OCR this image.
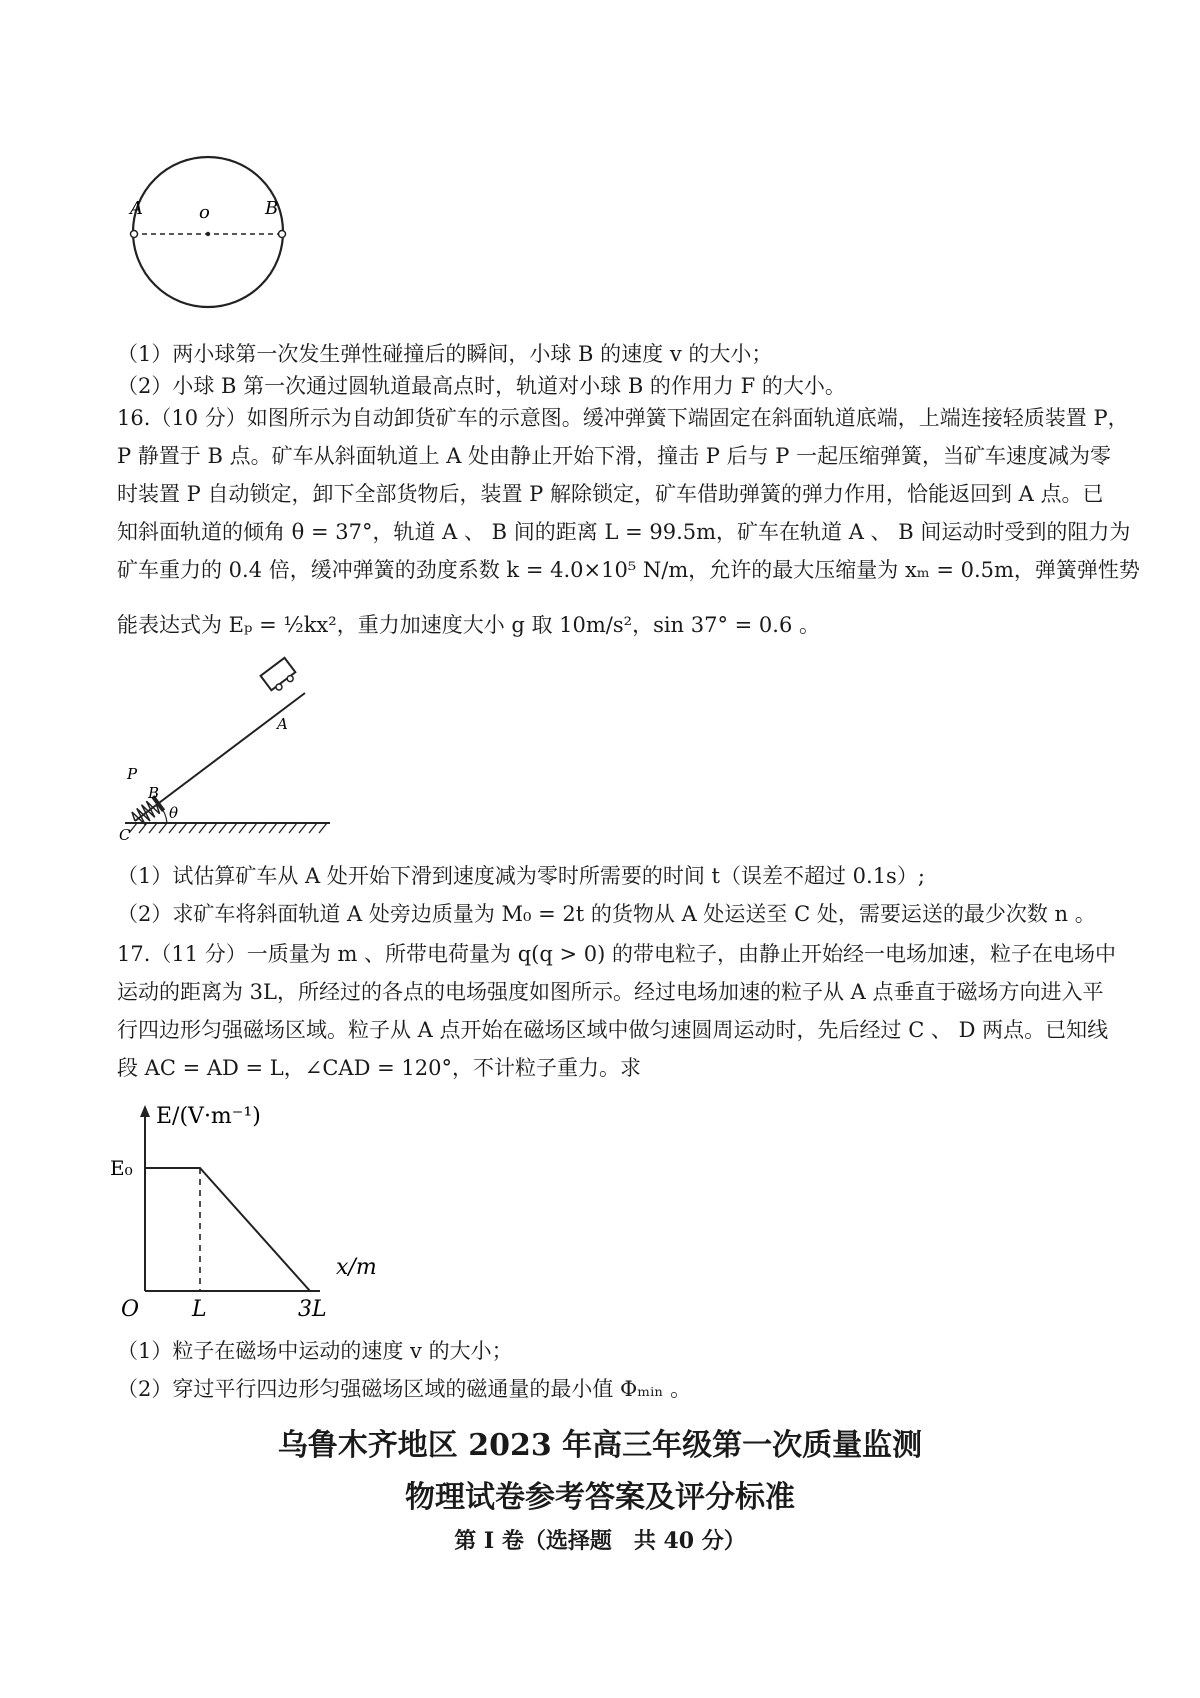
A	o	B
（1）两小球第一次发生弹性碰撞后的瞬间，小球 B 的速度 v 的大小；
（2）小球 B 第一次通过圆轨道最高点时，轨道对小球 B 的作用力 F 的大小。
16.（10 分）如图所示为自动卸货矿车的示意图。缓冲弹簧下端固定在斜面轨道底端，上端连接轻质装置 P，
P 静置于 B 点。矿车从斜面轨道上 A 处由静止开始下滑，撞击 P 后与 P 一起压缩弹簧，当矿车速度减为零
时装置 P 自动锁定，卸下全部货物后，装置 P 解除锁定，矿车借助弹簧的弹力作用，恰能返回到 A 点。已
知斜面轨道的倾角 θ = 37°，轨道 A 、 B 间的距离 L = 99.5m，矿车在轨道 A 、 B 间运动时受到的阻力为
矿车重力的 0.4 倍，缓冲弹簧的劲度系数 k = 4.0×10⁵ N/m，允许的最大压缩量为 xₘ = 0.5m，弹簧弹性势
能表达式为 Eₚ = ½kx²，重力加速度大小 g 取 10m/s²，sin 37° = 0.6 。
A
P
B
θ
C
（1）试估算矿车从 A 处开始下滑到速度减为零时所需要的时间 t（误差不超过 0.1s）;
（2）求矿车将斜面轨道 A 处旁边质量为 M₀ = 2t 的货物从 A 处运送至 C 处，需要运送的最少次数 n 。
17.（11 分）一质量为 m 、所带电荷量为 q(q > 0) 的带电粒子，由静止开始经一电场加速，粒子在电场中
运动的距离为 3L，所经过的各点的电场强度如图所示。经过电场加速的粒子从 A 点垂直于磁场方向进入平
行四边形匀强磁场区域。粒子从 A 点开始在磁场区域中做匀速圆周运动时，先后经过 C 、 D 两点。已知线
段 AC = AD = L，∠CAD = 120°，不计粒子重力。求
E/(V·m⁻¹)
x/m
O L	3L
E₀
（1）粒子在磁场中运动的速度 v 的大小；
（2）穿过平行四边形匀强磁场区域的磁通量的最小值 Φₘᵢₙ 。
乌鲁木齐地区 2023 年高三年级第一次质量监测
物理试卷参考答案及评分标准
第 I 卷（选择题　共 40 分）
